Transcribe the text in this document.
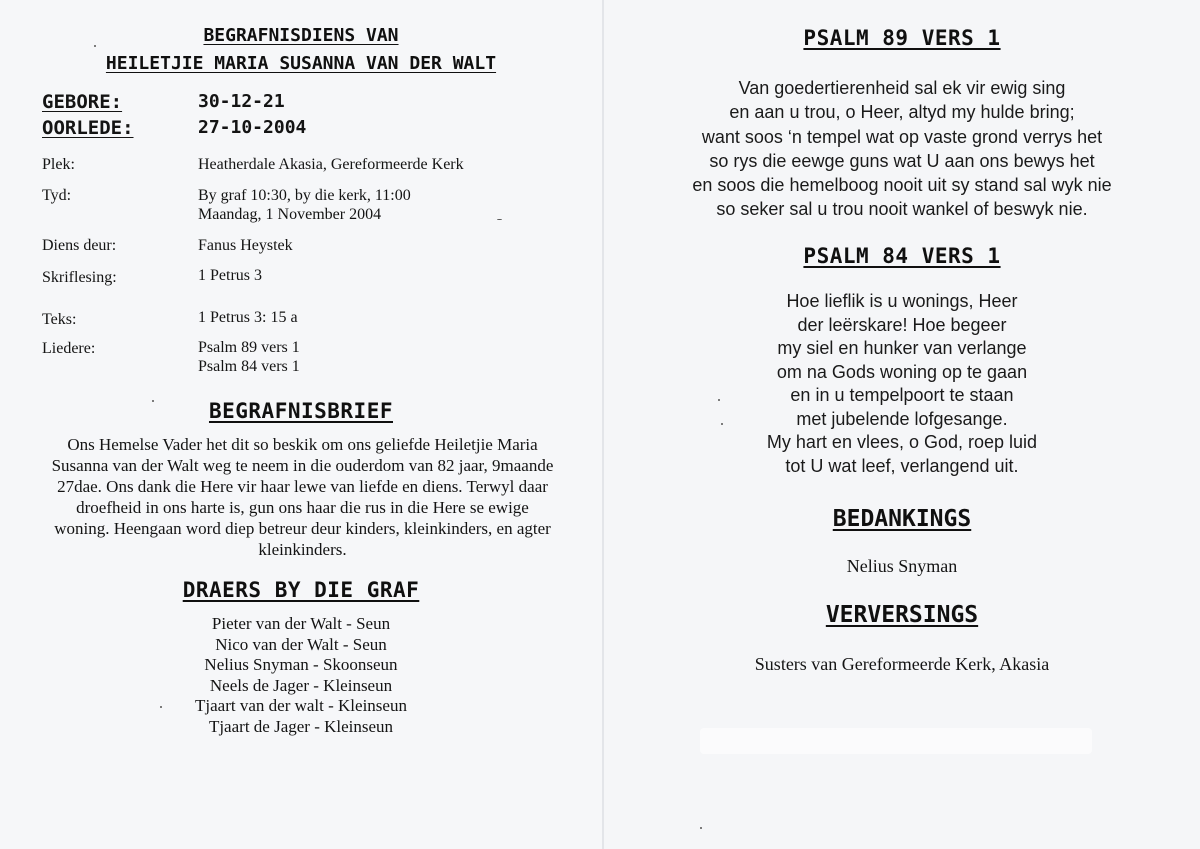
BEGRAFNISDIENS VAN
HEILETJIE MARIA SUSANNA VAN DER WALT
GEBORE:	30-12-21
OORLEDE:	27-10-2004
Plek:	Heatherdale Akasia, Gereformeerde Kerk
Tyd:	By graf 10:30, by die kerk, 11:00
Maandag, 1 November 2004
Diens deur:	Fanus Heystek
Skriflesing:	1 Petrus 3
Teks:	1 Petrus 3: 15 a
Liedere:	Psalm 89 vers 1
Psalm 84 vers 1
BEGRAFNISBRIEF
Ons Hemelse Vader het dit so beskik om ons geliefde Heiletjie Maria
Susanna van der Walt weg te neem in die ouderdom van 82 jaar, 9maande
27dae. Ons dank die Here vir haar lewe van liefde en diens. Terwyl daar
droefheid in ons harte is, gun ons haar die rus in die Here se ewige
woning. Heengaan word diep betreur deur kinders, kleinkinders, en agter
kleinkinders.
DRAERS BY DIE GRAF
Pieter van der Walt - Seun
Nico van der Walt - Seun
Nelius Snyman - Skoonseun
Neels de Jager - Kleinseun
Tjaart van der walt - Kleinseun
Tjaart de Jager - Kleinseun
PSALM 89 VERS 1
Van goedertierenheid sal ek vir ewig sing
en aan u trou, o Heer, altyd my hulde bring;
want soos ‘n tempel wat op vaste grond verrys het
so rys die eewge guns wat U aan ons bewys het
en soos die hemelboog nooit uit sy stand sal wyk nie
so seker sal u trou nooit wankel of beswyk nie.
PSALM 84 VERS 1
Hoe lieflik is u wonings, Heer
der leërskare! Hoe begeer
my siel en hunker van verlange
om na Gods woning op te gaan
en in u tempelpoort te staan
met jubelende lofgesange.
My hart en vlees, o God, roep luid
tot U wat leef, verlangend uit.
BEDANKINGS
Nelius Snyman
VERVERSINGS
Susters van Gereformeerde Kerk, Akasia
